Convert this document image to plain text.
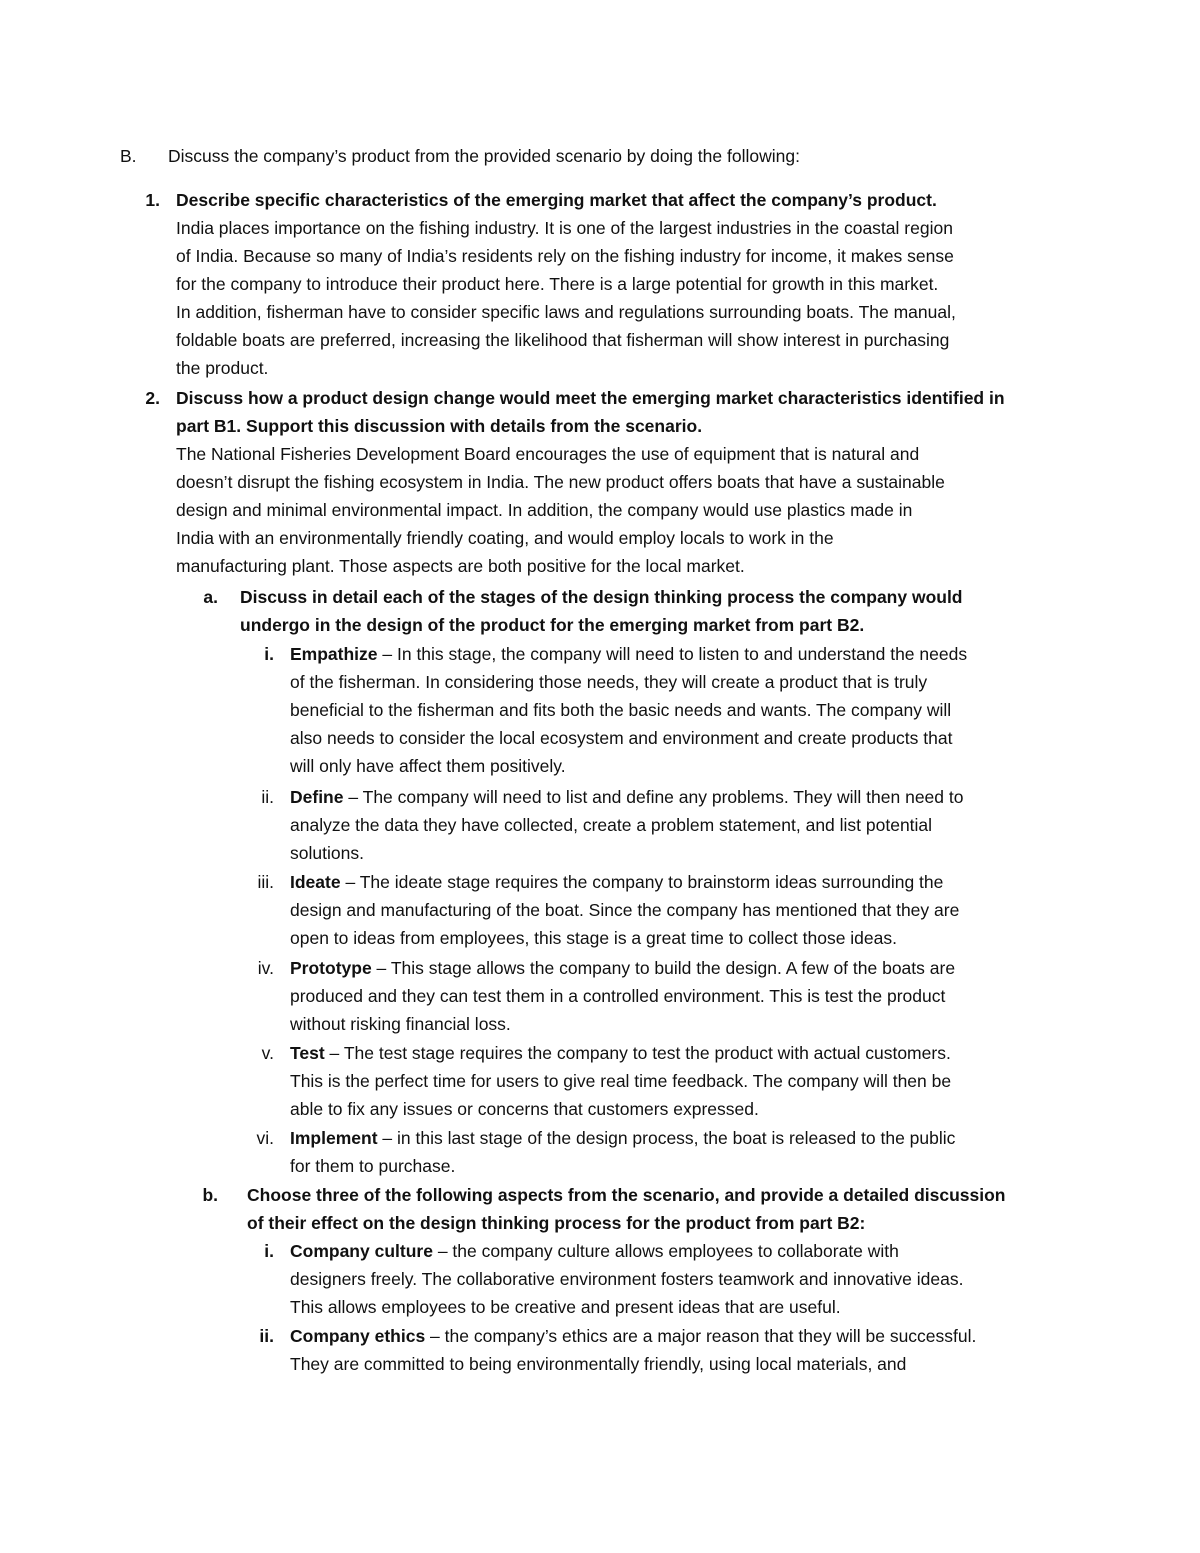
B.	Discuss the company’s product from the provided scenario by doing the following:
1. Describe specific characteristics of the emerging market that affect the company’s product.
India places importance on the fishing industry. It is one of the largest industries in the coastal region
of India. Because so many of India’s residents rely on the fishing industry for income, it makes sense
for the company to introduce their product here. There is a large potential for growth in this market.
In addition, fisherman have to consider specific laws and regulations surrounding boats. The manual,
foldable boats are preferred, increasing the likelihood that fisherman will show interest in purchasing
the product.
2. Discuss how a product design change would meet the emerging market characteristics identified in
part B1. Support this discussion with details from the scenario.
The National Fisheries Development Board encourages the use of equipment that is natural and
doesn’t disrupt the fishing ecosystem in India. The new product offers boats that have a sustainable
design and minimal environmental impact. In addition, the company would use plastics made in
India with an environmentally friendly coating, and would employ locals to work in the
manufacturing plant. Those aspects are both positive for the local market.
a. Discuss in detail each of the stages of the design thinking process the company would
undergo in the design of the product for the emerging market from part B2.
i. Empathize – In this stage, the company will need to listen to and understand the needs
of the fisherman. In considering those needs, they will create a product that is truly
beneficial to the fisherman and fits both the basic needs and wants. The company will
also needs to consider the local ecosystem and environment and create products that
will only have affect them positively.
ii. Define – The company will need to list and define any problems. They will then need to
analyze the data they have collected, create a problem statement, and list potential
solutions.
iii. Ideate – The ideate stage requires the company to brainstorm ideas surrounding the
design and manufacturing of the boat. Since the company has mentioned that they are
open to ideas from employees, this stage is a great time to collect those ideas.
iv. Prototype – This stage allows the company to build the design. A few of the boats are
produced and they can test them in a controlled environment. This is test the product
without risking financial loss.
v. Test – The test stage requires the company to test the product with actual customers.
This is the perfect time for users to give real time feedback. The company will then be
able to fix any issues or concerns that customers expressed.
vi. Implement – in this last stage of the design process, the boat is released to the public
for them to purchase.
b. Choose three of the following aspects from the scenario, and provide a detailed discussion
of their effect on the design thinking process for the product from part B2:
i. Company culture – the company culture allows employees to collaborate with
designers freely. The collaborative environment fosters teamwork and innovative ideas.
This allows employees to be creative and present ideas that are useful.
ii. Company ethics – the company’s ethics are a major reason that they will be successful.
They are committed to being environmentally friendly, using local materials, and
